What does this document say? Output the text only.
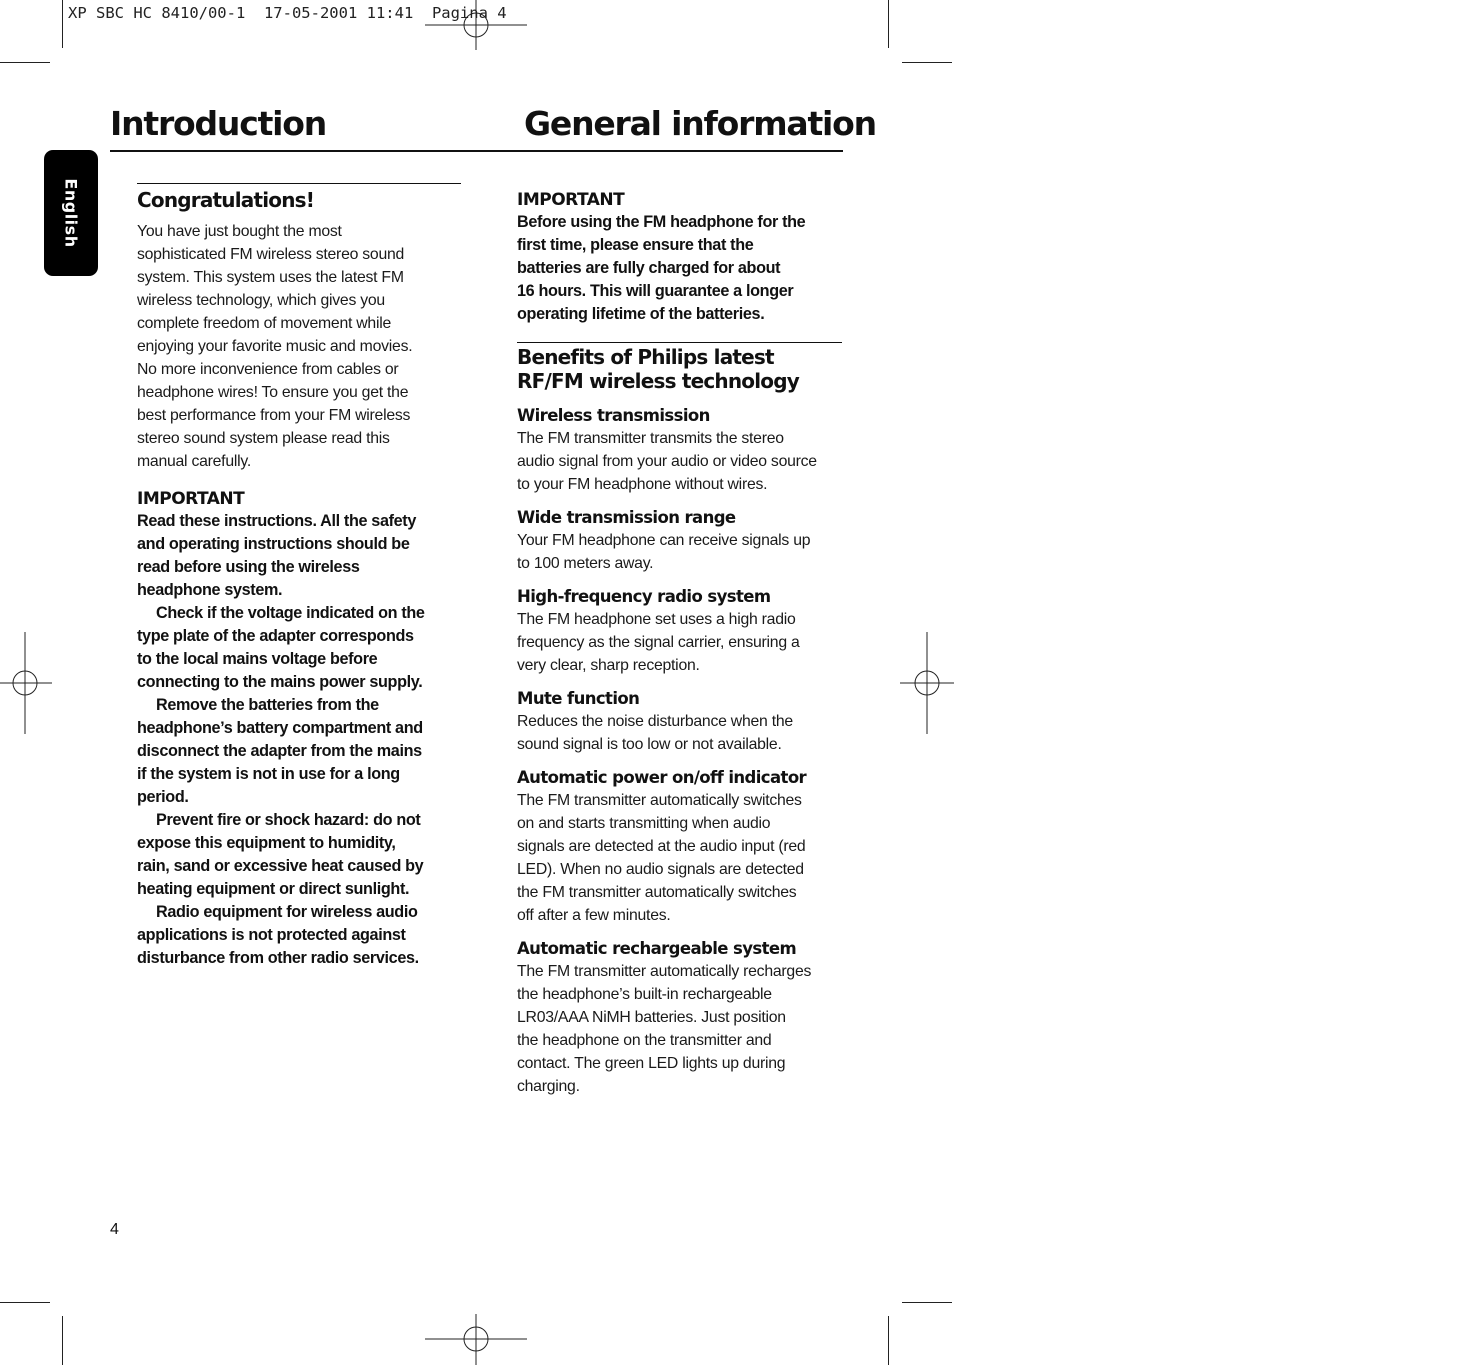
XP SBC HC 8410/00-1  17-05-2001 11:41  Pagina 4
English
Introduction	General information
Congratulations!
You have just bought the most
sophisticated FM wireless stereo sound
system. This system uses the latest FM
wireless technology, which gives you
complete freedom of movement while
enjoying your favorite music and movies.
No more inconvenience from cables or
headphone wires! To ensure you get the
best performance from your FM wireless
stereo sound system please read this
manual carefully.
IMPORTANT
Read these instructions. All the safety
and operating instructions should be
read before using the wireless
headphone system.
Check if the voltage indicated on the
type plate of the adapter corresponds
to the local mains voltage before
connecting to the mains power supply.
Remove the batteries from the
headphone’s battery compartment and
disconnect the adapter from the mains
if the system is not in use for a long
period.
Prevent fire or shock hazard: do not
expose this equipment to humidity,
rain, sand or excessive heat caused by
heating equipment or direct sunlight.
Radio equipment for wireless audio
applications is not protected against
disturbance from other radio services.
IMPORTANT
Before using the FM headphone for the
first time, please ensure that the
batteries are fully charged for about
16 hours. This will guarantee a longer
operating lifetime of the batteries.
Benefits of Philips latest
RF/FM wireless technology
Wireless transmission
The FM transmitter transmits the stereo
audio signal from your audio or video source
to your FM headphone without wires.
Wide transmission range
Your FM headphone can receive signals up
to 100 meters away.
High-frequency radio system
The FM headphone set uses a high radio
frequency as the signal carrier, ensuring a
very clear, sharp reception.
Mute function
Reduces the noise disturbance when the
sound signal is too low or not available.
Automatic power on/off indicator
The FM transmitter automatically switches
on and starts transmitting when audio
signals are detected at the audio input (red
LED). When no audio signals are detected
the FM transmitter automatically switches
off after a few minutes.
Automatic rechargeable system
The FM transmitter automatically recharges
the headphone’s built-in rechargeable
LR03/AAA NiMH batteries. Just position
the headphone on the transmitter and
contact. The green LED lights up during
charging.
4
